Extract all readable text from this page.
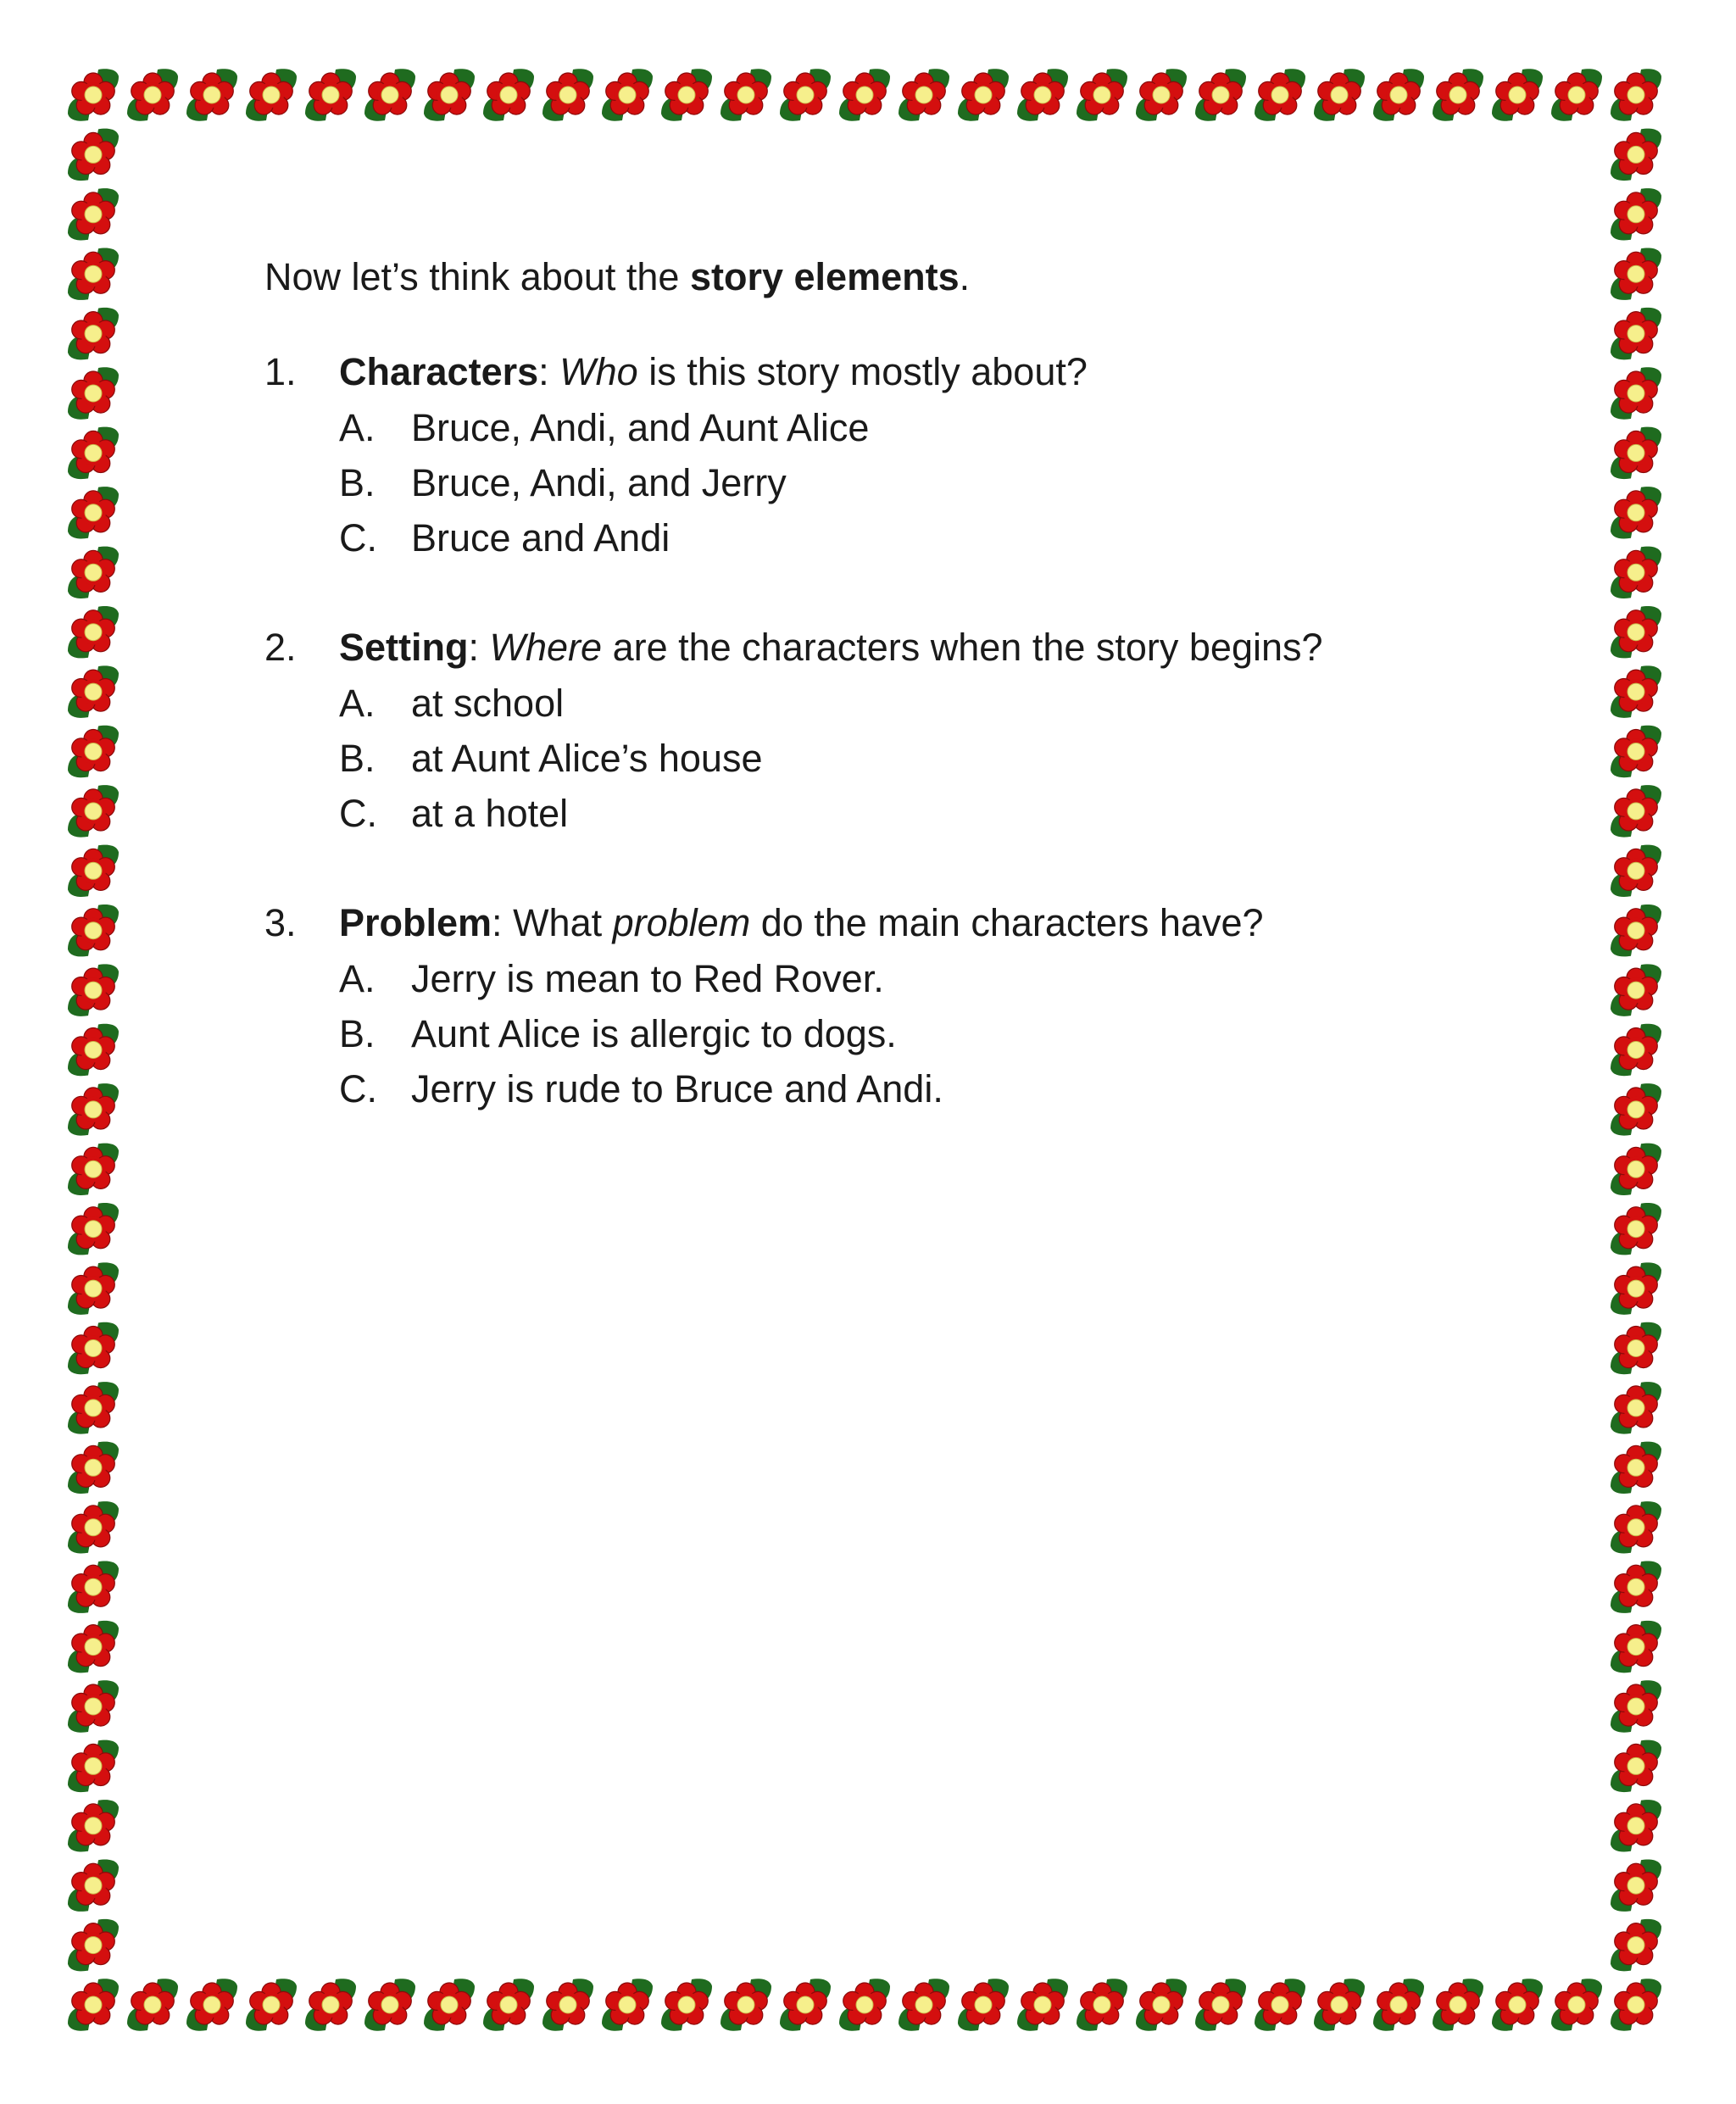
Now let’s think about the story elements.

1.	Characters: Who is this story mostly about?
A. Bruce, Andi, and Aunt Alice
B. Bruce, Andi, and Jerry
C. Bruce and Andi
2.	Setting: Where are the characters when the story begins?
A. at school
B. at Aunt Alice’s house
C. at a hotel
3.	Problem: What problem do the main characters have?
A. Jerry is mean to Red Rover.
B. Aunt Alice is allergic to dogs.
C. Jerry is rude to Bruce and Andi.
